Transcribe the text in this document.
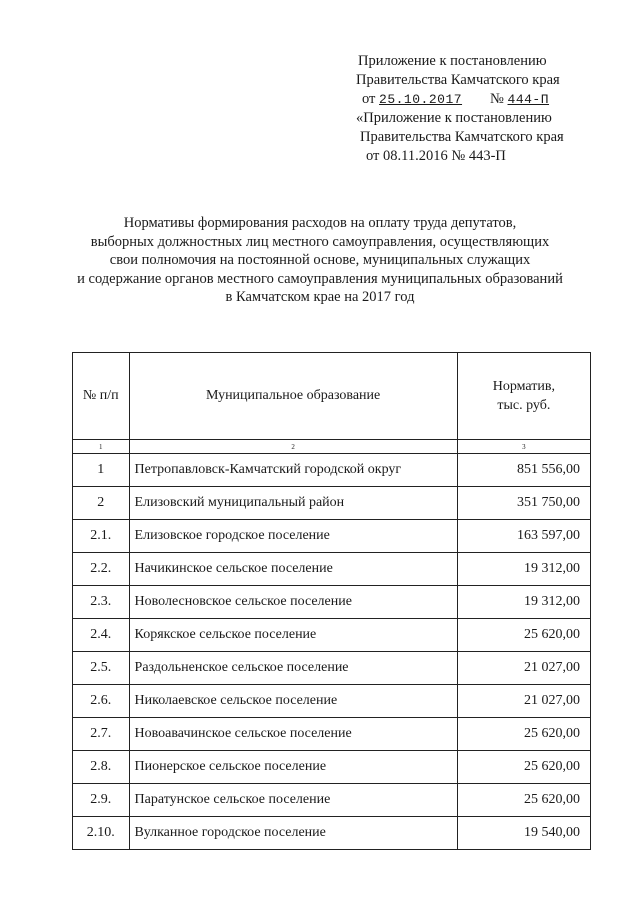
Приложение к постановлению
Правительства Камчатского края
от 25.10.2017 № 444-П
«Приложение к постановлению
Правительства Камчатского края
от 08.11.2016 № 443-П
Нормативы формирования расходов на оплату труда депутатов,
выборных должностных лиц местного самоуправления, осуществляющих
свои полномочия на постоянной основе, муниципальных служащих
и содержание органов местного самоуправления муниципальных образований
в Камчатском крае на 2017 год
№ п/п	Муниципальное образование	Норматив,
тыс. руб.

1	2	3
1	Петропавловск-Камчатский городской округ	851 556,00
2	Елизовский муниципальный район	351 750,00
2.1.	Елизовское городское поселение	163 597,00
2.2.	Начикинское сельское поселение	19 312,00
2.3.	Новолесновское сельское поселение	19 312,00
2.4.	Корякское сельское поселение	25 620,00
2.5.	Раздольненское сельское поселение	21 027,00
2.6.	Николаевское сельское поселение	21 027,00
2.7.	Новоавачинское сельское поселение	25 620,00
2.8.	Пионерское сельское поселение	25 620,00
2.9.	Паратунское сельское поселение	25 620,00
2.10.	Вулканное городское поселение	19 540,00
